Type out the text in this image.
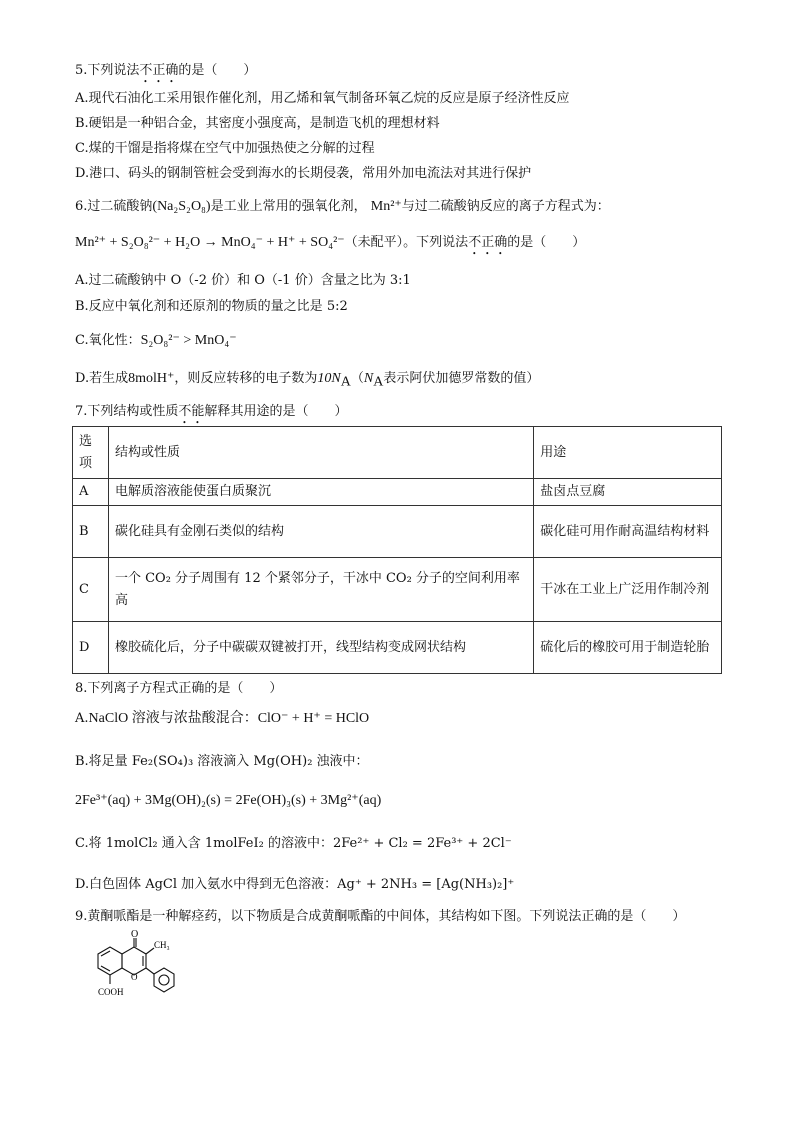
5.下列说法不正确的是（　　）
A.现代石油化工采用银作催化剂，用乙烯和氧气制备环氧乙烷的反应是原子经济性反应
B.硬铝是一种铝合金，其密度小强度高，是制造飞机的理想材料
C.煤的干馏是指将煤在空气中加强热使之分解的过程
D.港口、码头的钢制管桩会受到海水的长期侵袭，常用外加电流法对其进行保护
6.过二硫酸钠(Na₂S₂O₈)是工业上常用的强氧化剂， Mn²⁺与过二硫酸钠反应的离子方程式为：
Mn²⁺ + S₂O₈²⁻ + H₂O → MnO₄⁻ + H⁺ + SO₄²⁻（未配平）。下列说法不正确的是（　　）
A.过二硫酸钠中 O（-2 价）和 O（-1 价）含量之比为 3:1
B.反应中氧化剂和还原剂的物质的量之比是 5:2
C.氧化性：S₂O₈²⁻ > MnO₄⁻
D.若生成8molH⁺，则反应转移的电子数为$10N_A(N_A$表示阿伏加德罗常数的值）
7.下列结构或性质不能解释其用途的是（　　）
选项	结构或性质	用途
A	电解质溶液能使蛋白质聚沉	盐卤点豆腐
B	碳化硅具有金刚石类似的结构	碳化硅可用作耐高温结构材料
C	一个 CO₂ 分子周围有 12 个紧邻分子，干冰中 CO₂ 分子的空间利用率高	干冰在工业上广泛用作制冷剂
D	橡胶硫化后，分子中碳碳双键被打开，线型结构变成网状结构	硫化后的橡胶可用于制造轮胎
8.下列离子方程式正确的是（　　）
A.NaClO 溶液与浓盐酸混合：ClO⁻ + H⁺ = HClO
B.将足量 Fe₂(SO₄)₃ 溶液滴入 Mg(OH)₂ 浊液中：
2Fe³⁺(aq) + 3Mg(OH)₂(s) = 2Fe(OH)₃(s) + 3Mg²⁺(aq)
C.将 1molCl₂ 通入含 1molFeI₂ 的溶液中：2Fe²⁺ + Cl₂ = 2Fe³⁺ + 2Cl⁻
D.白色固体 AgCl 加入氨水中得到无色溶液：Ag⁺ + 2NH₃ = [Ag(NH₃)₂]⁺
9.黄酮哌酯是一种解痉药，以下物质是合成黄酮哌酯的中间体，其结构如下图。下列说法正确的是（　　）
O
CH₃
O
COOH
